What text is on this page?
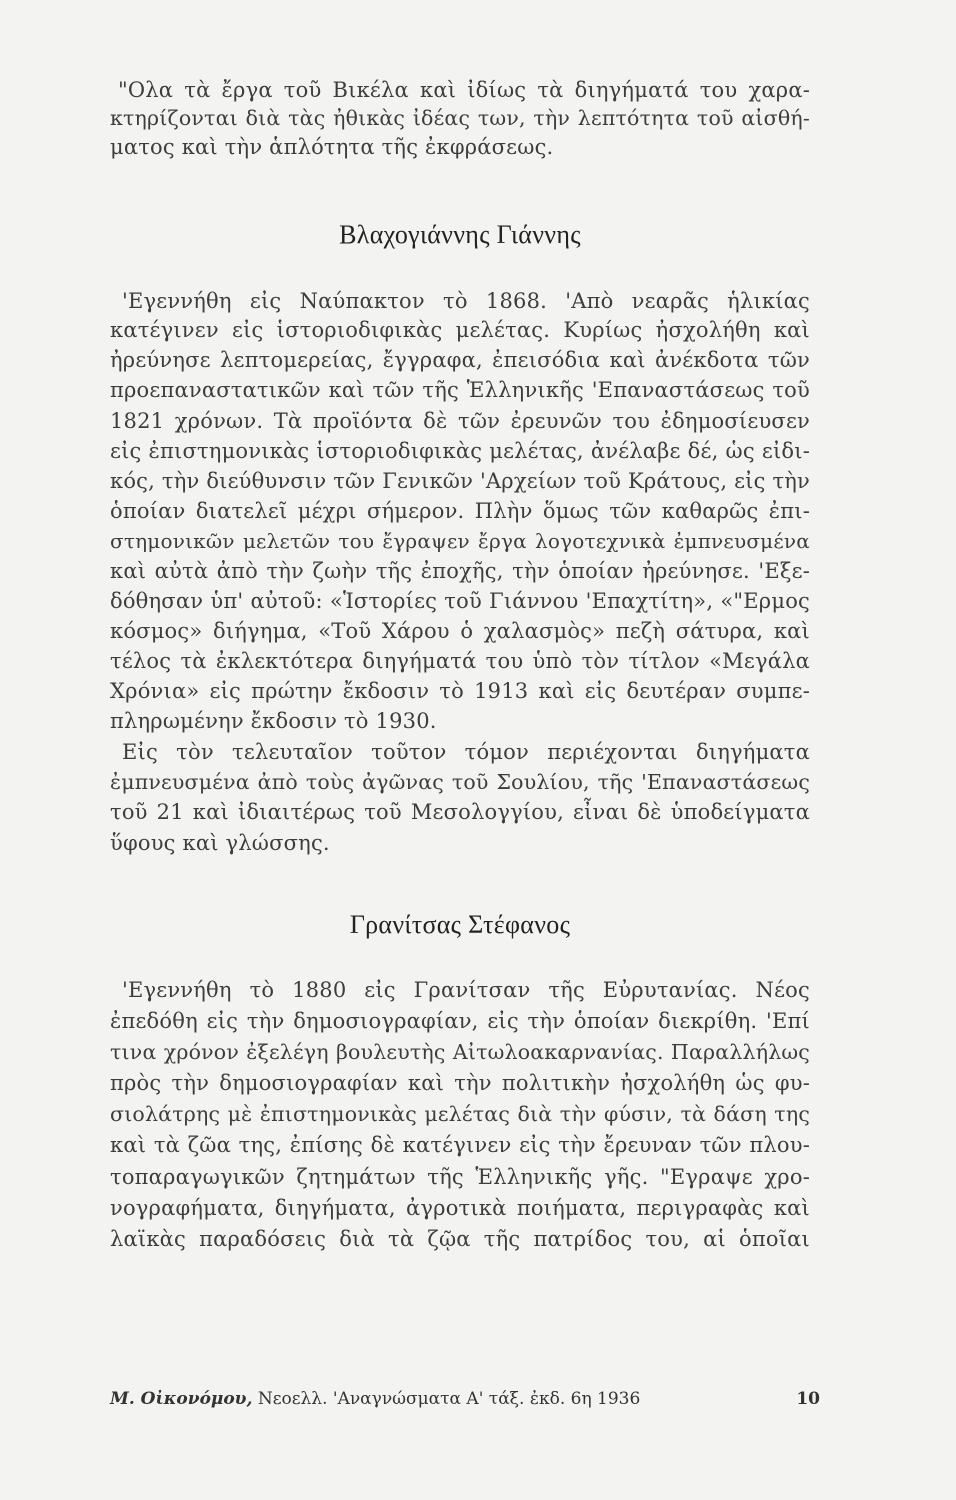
"Ολα τὰ ἔργα τοῦ Βικέλα καὶ ἰδίως τὰ διηγήματά του χαρα-
κτηρίζονται διὰ τὰς ἠθικὰς ἰδέας των, τὴν λεπτότητα τοῦ αἰσθή-
ματος καὶ τὴν ἁπλότητα τῆς ἐκφράσεως.
Βλαχογιάννης Γιάννης
'Εγεννήθη εἰς Ναύπακτον τὸ 1868. 'Απὸ νεαρᾶς ἡλικίας
κατέγινεν εἰς ἱστοριοδιφικὰς μελέτας. Κυρίως ἠσχολήθη καὶ
ἠρεύνησε λεπτομερείας, ἔγγραφα, ἐπεισόδια καὶ ἀνέκδοτα τῶν
προεπαναστατικῶν καὶ τῶν τῆς Ἑλληνικῆς 'Επαναστάσεως τοῦ
1821 χρόνων. Τὰ προϊόντα δὲ τῶν ἐρευνῶν του ἐδημοσίευσεν
εἰς ἐπιστημονικὰς ἱστοριοδιφικὰς μελέτας, ἀνέλαβε δέ, ὡς εἰδι-
κός, τὴν διεύθυνσιν τῶν Γενικῶν 'Αρχείων τοῦ Κράτους, εἰς τὴν
ὁποίαν διατελεῖ μέχρι σήμερον. Πλὴν ὅμως τῶν καθαρῶς ἐπι-
στημονικῶν μελετῶν του ἔγραψεν ἔργα λογοτεχνικὰ ἐμπνευσμένα
καὶ αὐτὰ ἀπὸ τὴν ζωὴν τῆς ἐποχῆς, τὴν ὁποίαν ἠρεύνησε. 'Εξε-
δόθησαν ὑπ' αὐτοῦ: «Ἱστορίες τοῦ Γιάννου 'Επαχτίτη», «"Ερμος
κόσμος» διήγημα, «Τοῦ Χάρου ὁ χαλασμὸς» πεζὴ σάτυρα, καὶ
τέλος τὰ ἐκλεκτότερα διηγήματά του ὑπὸ τὸν τίτλον «Μεγάλα
Χρόνια» εἰς πρώτην ἔκδοσιν τὸ 1913 καὶ εἰς δευτέραν συμπε-
πληρωμένην ἔκδοσιν τὸ 1930.
Εἰς τὸν τελευταῖον τοῦτον τόμον περιέχονται διηγήματα
ἐμπνευσμένα ἀπὸ τοὺς ἀγῶνας τοῦ Σουλίου, τῆς 'Επαναστάσεως
τοῦ 21 καὶ ἰδιαιτέρως τοῦ Μεσολογγίου, εἶναι δὲ ὑποδείγματα
ὕφους καὶ γλώσσης.
Γρανίτσας Στέφανος
'Εγεννήθη τὸ 1880 εἰς Γρανίτσαν τῆς Εὐρυτανίας. Νέος
ἐπεδόθη εἰς τὴν δημοσιογραφίαν, εἰς τὴν ὁποίαν διεκρίθη. 'Επί
τινα χρόνον ἐξελέγη βουλευτὴς Αἰτωλοακαρνανίας. Παραλλήλως
πρὸς τὴν δημοσιογραφίαν καὶ τὴν πολιτικὴν ἠσχολήθη ὡς φυ-
σιολάτρης μὲ ἐπιστημονικὰς μελέτας διὰ τὴν φύσιν, τὰ δάση της
καὶ τὰ ζῶα της, ἐπίσης δὲ κατέγινεν εἰς τὴν ἔρευναν τῶν πλου-
τοπαραγωγικῶν ζητημάτων τῆς Ἑλληνικῆς γῆς. "Εγραψε χρο-
νογραφήματα, διηγήματα, ἀγροτικὰ ποιήματα, περιγραφὰς καὶ
λαϊκὰς παραδόσεις διὰ τὰ ζῷα τῆς πατρίδος του, αἱ ὁποῖαι
Μ. Οἰκονόμου, Νεοελλ. 'Αναγνώσματα Α' τάξ. ἐκδ. 6η 1936	10
